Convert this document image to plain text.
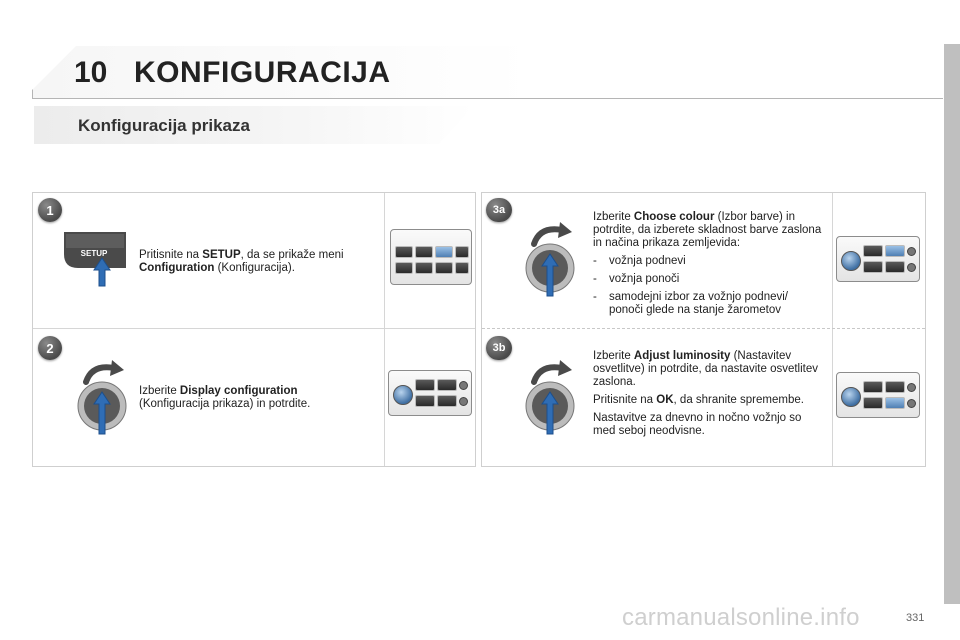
10 KONFIGURACIJA
Konfiguracija prikaza
1
SETUP	Pritisnite na SETUP, da se prikaže meni Configuration (Konfiguracija).
2
Izberite Display configuration (Konfiguracija prikaza) in potrdite.
3a

Izberite Choose colour (Izbor barve) in potrdite, da izberete skladnost barve zaslona in načina prikaza zemljevida:

-	vožnja podnevi
-	vožnja ponoči
-	samodejni izbor za vožnjo podnevi/ ponoči glede na stanje žarometov
3b

Izberite Adjust luminosity (Nastavitev osvetlitve) in potrdite, da nastavite osvetlitev zaslona.

Pritisnite na OK, da shranite spremembe.

Nastavitve za dnevno in nočno vožnjo so med seboj neodvisne.

carmanualsonline.info	331
